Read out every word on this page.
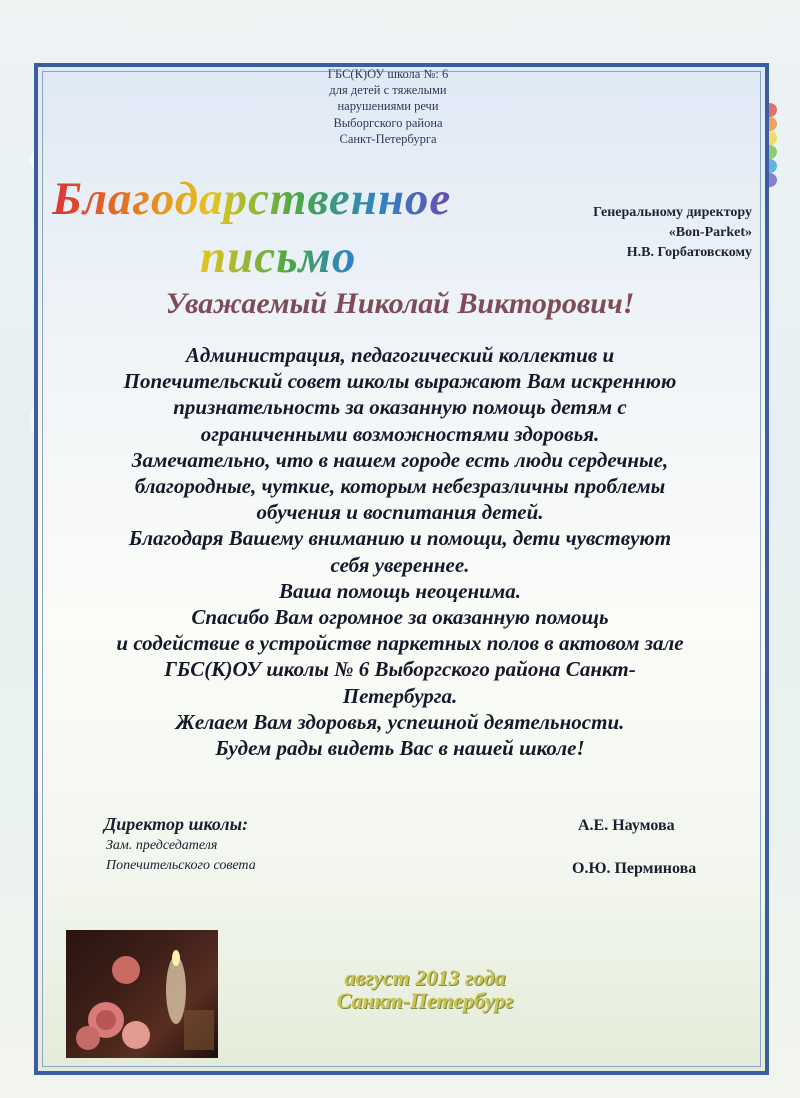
ГБС(К)ОУ школа №: 6
для детей с тяжелыми
нарушениями речи
Выборгского района
Санкт-Петербурга
Благодарственное
письмо
Генеральному директору
«Bon-Parket»
Н.В. Горбатовскому
Уважаемый Николай Викторович!
Администрация, педагогический коллектив и
Попечительский совет школы выражают Вам искреннюю
признательность за оказанную помощь детям с
ограниченными возможностями здоровья.
Замечательно, что в нашем городе есть люди сердечные,
благородные, чуткие, которым небезразличны проблемы
обучения и воспитания детей.
Благодаря Вашему вниманию и помощи, дети чувствуют
себя увереннее.
Ваша помощь неоценима.
Спасибо Вам огромное за оказанную помощь
и содействие в устройстве паркетных полов в актовом зале
ГБС(К)ОУ школы № 6 Выборгского района Санкт-
Петербурга.
Желаем Вам здоровья, успешной деятельности.
Будем рады видеть Вас в нашей школе!
Директор школы:
Зам. председателя
Попечительского совета
А.Е. Наумова
О.Ю. Перминова
август 2013 года
Санкт-Петербург
